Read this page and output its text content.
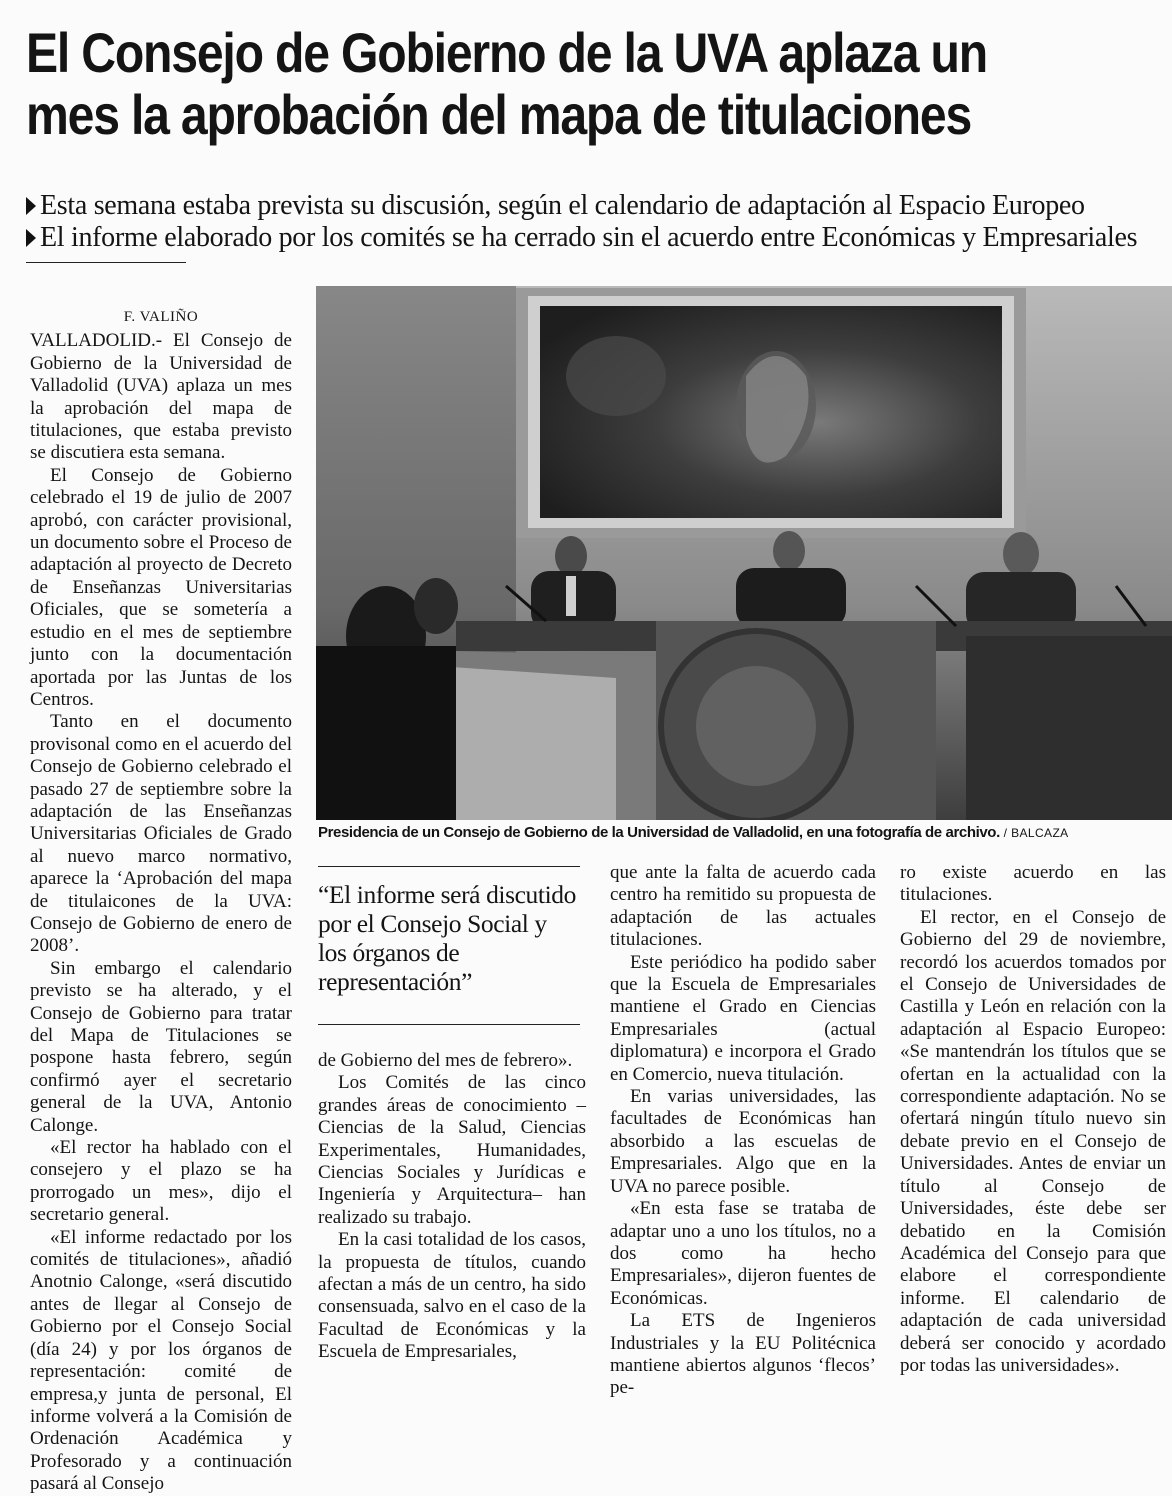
El Consejo de Gobierno de la UVA aplaza un
mes la aprobación del mapa de titulaciones
Esta semana estaba prevista su discusión, según el calendario de adaptación al Espacio Europeo
El informe elaborado por los comités se ha cerrado sin el acuerdo entre Económicas y Empresariales
F. VALIÑO

VALLADOLID.- El Consejo de Gobierno de la Universidad de Valladolid (UVA) aplaza un mes la aprobación del mapa de titulaciones, que estaba previsto se discutiera esta semana.

El Consejo de Gobierno celebrado el 19 de julio de 2007 aprobó, con carácter provisional, un documento sobre el Proceso de adaptación al proyecto de Decreto de Enseñanzas Universitarias Oficiales, que se sometería a estudio en el mes de septiembre junto con la documentación aportada por las Juntas de los Centros.

Tanto en el documento provisonal como en el acuerdo del Consejo de Gobierno celebrado el pasado 27 de septiembre sobre la adaptación de las Enseñanzas Universitarias Oficiales de Grado al nuevo marco normativo, aparece la ‘Aprobación del mapa de titulaicones de la UVA: Consejo de Gobierno de enero de 2008’.

Sin embargo el calendario previsto se ha alterado, y el Consejo de Gobierno para tratar del Mapa de Titulaciones se pospone hasta febrero, según confirmó ayer el secretario general de la UVA, Antonio Calonge.

«El rector ha hablado con el consejero y el plazo se ha prorrogado un mes», dijo el secretario general.

«El informe redactado por los comités de titulaciones», añadió Anotnio Calonge, «será discutido antes de llegar al Consejo de Gobierno por el Consejo Social (día 24) y por los órganos de representación: comité de empresa,y junta de personal, El informe volverá a la Comisión de Ordenación Académica y Profesorado y a continuación pasará al Consejo

Presidencia de un Consejo de Gobierno de la Universidad de Valladolid, en una fotografía de archivo. / BALCAZA
“El informe será discutido por el Consejo Social y los órganos de representación”

de Gobierno del mes de febrero».

Los Comités de las cinco grandes áreas de conocimiento –Ciencias de la Salud, Ciencias Experimentales, Humanidades, Ciencias Sociales y Jurídicas e Ingeniería y Arquitectura– han realizado su trabajo.

En la casi totalidad de los casos, la propuesta de títulos, cuando afectan a más de un centro, ha sido consensuada, salvo en el caso de la Facultad de Económicas y la Escuela de Empresariales,

que ante la falta de acuerdo cada centro ha remitido su propuesta de adaptación de las actuales titulaciones.

Este periódico ha podido saber que la Escuela de Empresariales mantiene el Grado en Ciencias Empresariales (actual diplomatura) e incorpora el Grado en Comercio, nueva titulación.

En varias universidades, las facultades de Económicas han absorbido a las escuelas de Empresariales. Algo que en la UVA no parece posible.

«En esta fase se trataba de adaptar uno a uno los títulos, no a dos como ha hecho Empresariales», dijeron fuentes de Económicas.

La ETS de Ingenieros Industriales y la EU Politécnica mantiene abiertos algunos ‘flecos’ pe-

ro existe acuerdo en las titulaciones.

El rector, en el Consejo de Gobierno del 29 de noviembre, recordó los acuerdos tomados por el Consejo de Universidades de Castilla y León en relación con la adaptación al Espacio Europeo: «Se mantendrán los títulos que se ofertan en la actualidad con la correspondiente adaptación. No se ofertará ningún título nuevo sin debate previo en el Consejo de Universidades. Antes de enviar un título al Consejo de Universidades, éste debe ser debatido en la Comisión Académica del Consejo para que elabore el correspondiente informe. El calendario de adaptación de cada universidad deberá ser conocido y acordado por todas las universidades».
